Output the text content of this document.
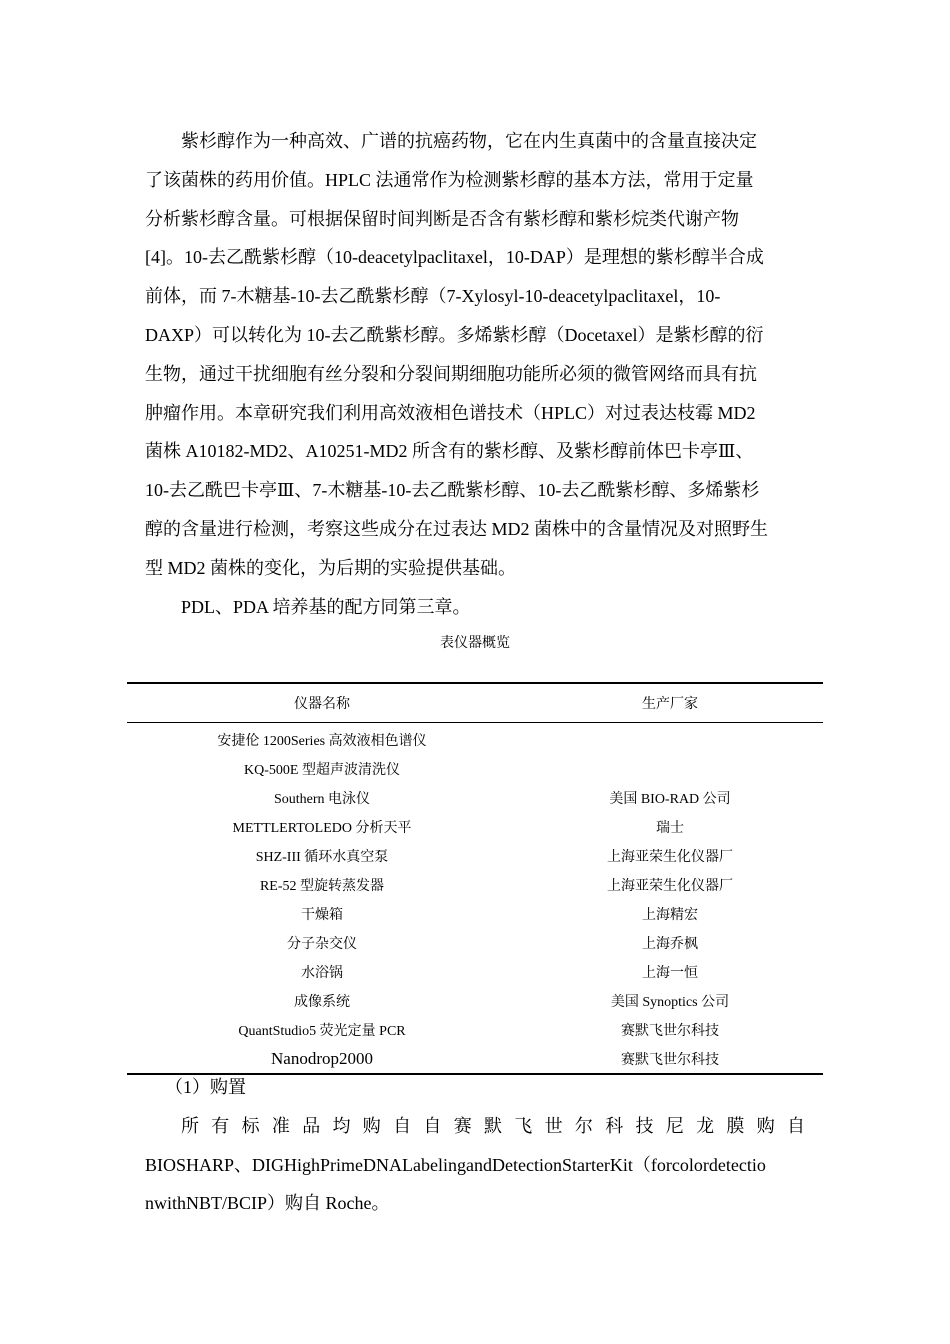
紫杉醇作为一种高效、广谱的抗癌药物，它在内生真菌中的含量直接决定

了该菌株的药用价值。HPLC 法通常作为检测紫杉醇的基本方法，常用于定量

分析紫杉醇含量。可根据保留时间判断是否含有紫杉醇和紫杉烷类代谢产物

[4]。10-去乙酰紫杉醇（10-deacetylpaclitaxel，10-DAP）是理想的紫杉醇半合成

前体，而 7-木糖基-10-去乙酰紫杉醇（7-Xylosyl-10-deacetylpaclitaxel，10-

DAXP）可以转化为 10-去乙酰紫杉醇。多烯紫杉醇（Docetaxel）是紫杉醇的衍

生物，通过干扰细胞有丝分裂和分裂间期细胞功能所必须的微管网络而具有抗

肿瘤作用。本章研究我们利用高效液相色谱技术（HPLC）对过表达枝霉 MD2

菌株 A10182-MD2、A10251-MD2 所含有的紫杉醇、及紫杉醇前体巴卡亭Ⅲ、

10-去乙酰巴卡亭Ⅲ、7-木糖基-10-去乙酰紫杉醇、10-去乙酰紫杉醇、多烯紫杉

醇的含量进行检测，考察这些成分在过表达 MD2 菌株中的含量情况及对照野生

型 MD2 菌株的变化，为后期的实验提供基础。

PDL、PDA 培养基的配方同第三章。

表仪器概览
仪器名称	生产厂家
安捷伦 1200Series 高效液相色谱仪	
KQ-500E 型超声波清洗仪	
Southern 电泳仪	美国 BIO-RAD 公司
METTLERTOLEDO 分析天平	瑞士
SHZ-III 循环水真空泵	上海亚荣生化仪器厂
RE-52 型旋转蒸发器	上海亚荣生化仪器厂
干燥箱	上海精宏
分子杂交仪	上海乔枫
水浴锅	上海一恒
成像系统	美国 Synoptics 公司
QuantStudio5 荧光定量 PCR	赛默飞世尔科技
Nanodrop2000	赛默飞世尔科技

（1）购置

所有标准品均购自自赛默飞世尔科技尼龙膜购自

BIOSHARP、DIGHighPrimeDNALabelingandDetectionStarterKit（forcolordetectio

nwithNBT/BCIP）购自 Roche。
